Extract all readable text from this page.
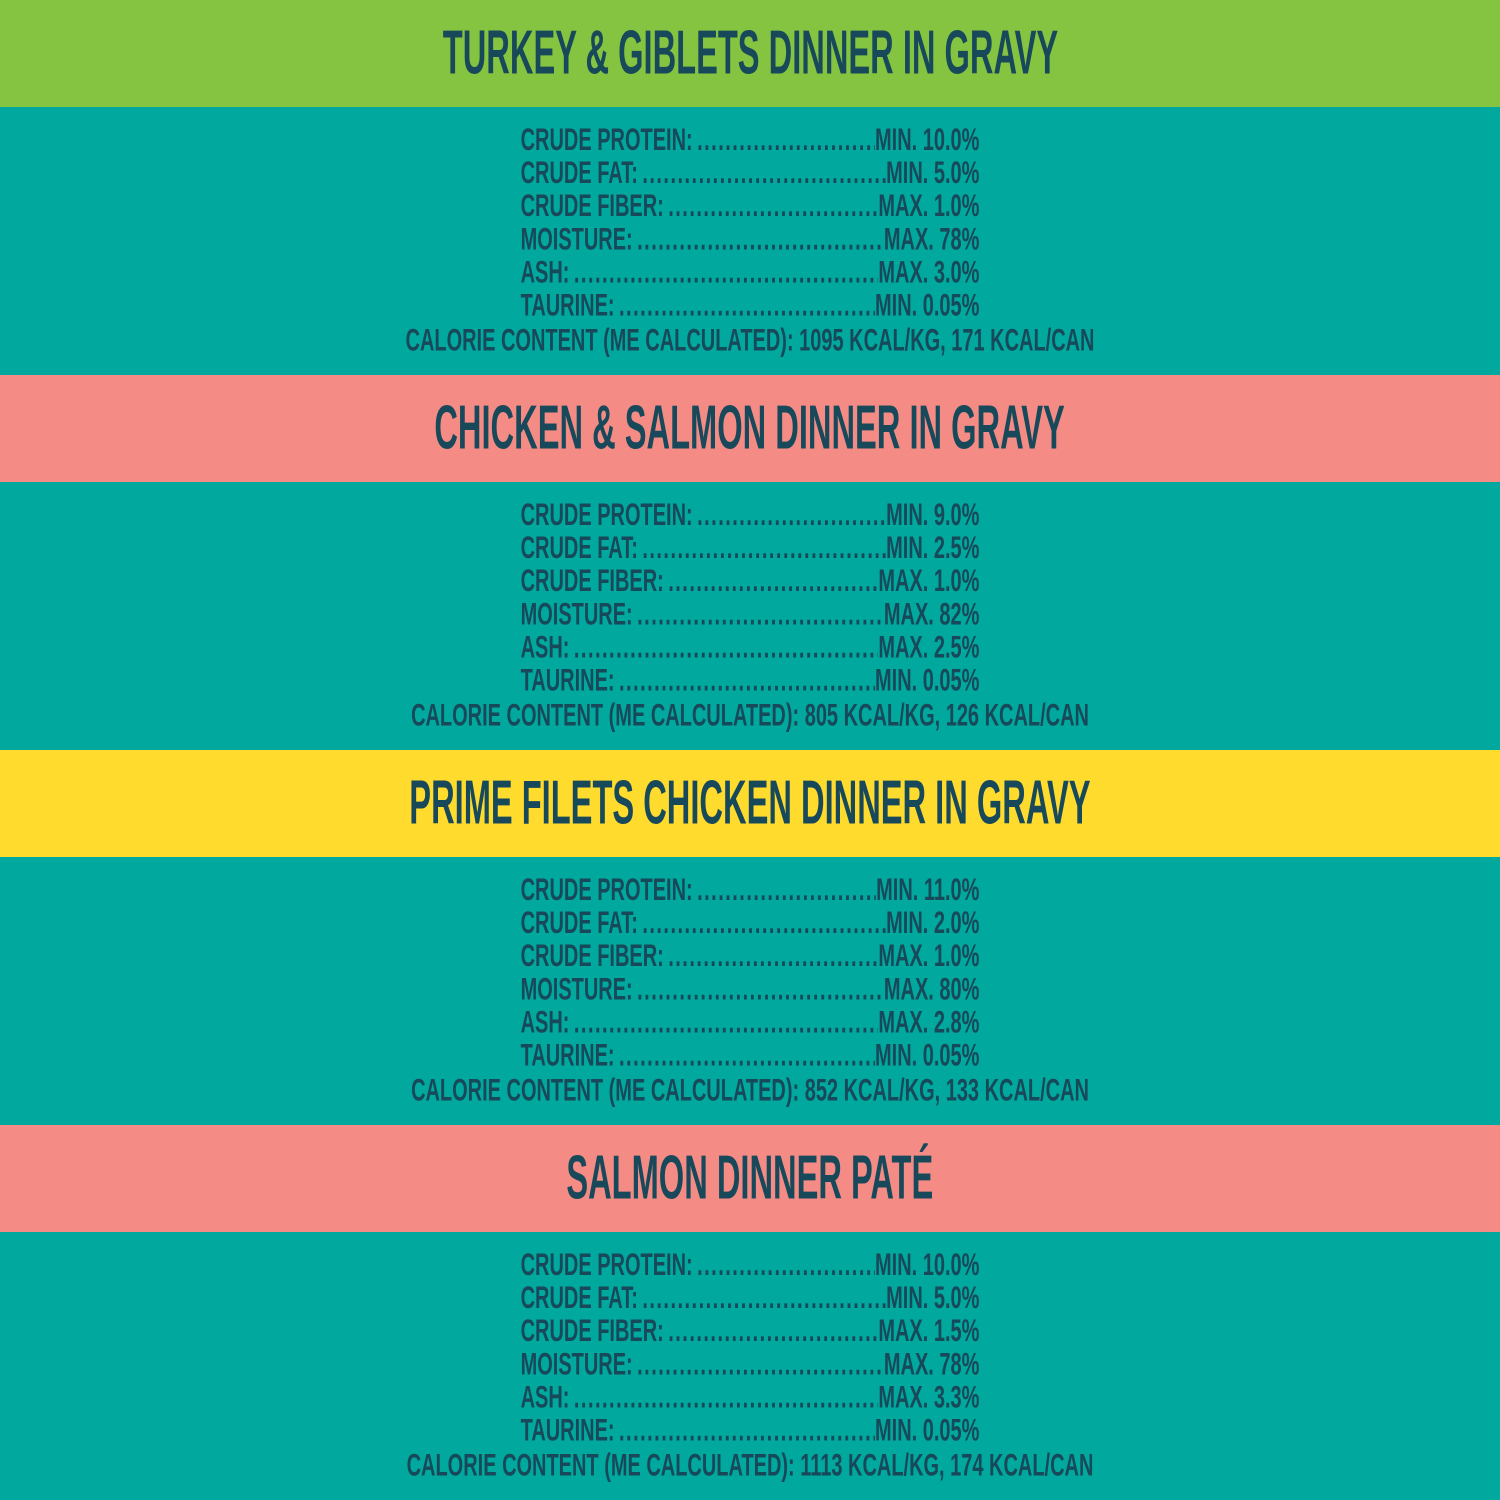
TURKEY & GIBLETS DINNER IN GRAVY
CRUDE PROTEIN: .....	MIN. 10.0%
CRUDE FAT: .....	MIN. 5.0%
CRUDE FIBER: .....	MAX. 1.0%
MOISTURE: .....	MAX. 78%
ASH: .....	MAX. 3.0%
TAURINE: .....	MIN. 0.05%
CALORIE CONTENT (ME CALCULATED): 1095 KCAL/KG, 171 KCAL/CAN
CHICKEN & SALMON DINNER IN GRAVY
CRUDE PROTEIN: .....	MIN. 9.0%
CRUDE FAT: .....	MIN. 2.5%
CRUDE FIBER: .....	MAX. 1.0%
MOISTURE: .....	MAX. 82%
ASH: .....	MAX. 2.5%
TAURINE: .....	MIN. 0.05%
CALORIE CONTENT (ME CALCULATED): 805 KCAL/KG, 126 KCAL/CAN
PRIME FILETS CHICKEN DINNER IN GRAVY
CRUDE PROTEIN: .....	MIN. 11.0%
CRUDE FAT: .....	MIN. 2.0%
CRUDE FIBER: .....	MAX. 1.0%
MOISTURE: .....	MAX. 80%
ASH: .....	MAX. 2.8%
TAURINE: .....	MIN. 0.05%
CALORIE CONTENT (ME CALCULATED): 852 KCAL/KG, 133 KCAL/CAN
SALMON DINNER PATÉ
CRUDE PROTEIN: .....	MIN. 10.0%
CRUDE FAT: .....	MIN. 5.0%
CRUDE FIBER: .....	MAX. 1.5%
MOISTURE: .....	MAX. 78%
ASH: .....	MAX. 3.3%
TAURINE: .....	MIN. 0.05%
CALORIE CONTENT (ME CALCULATED): 1113 KCAL/KG, 174 KCAL/CAN
